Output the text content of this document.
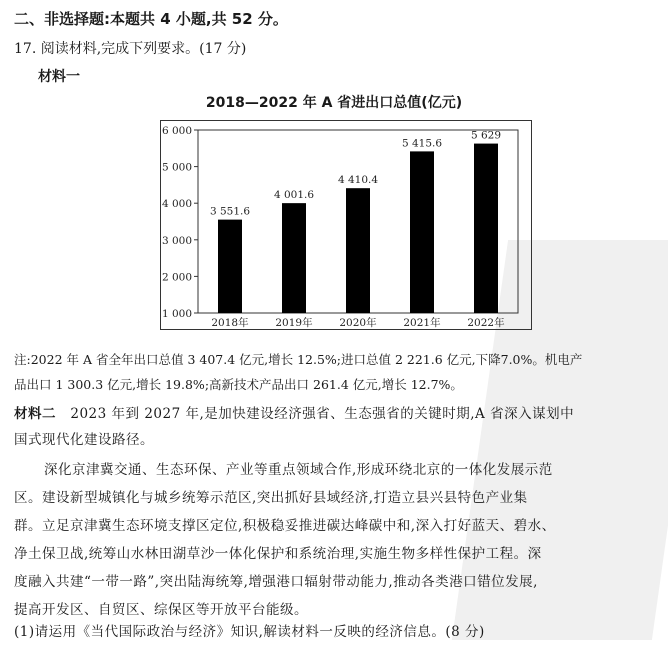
二、非选择题:本题共 4 小题,共 52 分。
17. 阅读材料,完成下列要求。(17 分)
材料一
2018—2022 年 A 省进出口总值(亿元)
1 000
2 000
3 000
4 000
5 000
6 000
3 551.6
2018年
4 001.6
2019年
4 410.4
2020年
5 415.6
2021年
5 629
2022年
注:2022 年 A 省全年出口总值 3 407.4 亿元,增长 12.5%;进口总值 2 221.6 亿元,下降7.0%。机电产
品出口 1 300.3 亿元,增长 19.8%;高新技术产品出口 261.4 亿元,增长 12.7%。
材料二 2023 年到 2027 年,是加快建设经济强省、生态强省的关键时期,A 省深入谋划中
国式现代化建设路径。
深化京津冀交通、生态环保、产业等重点领域合作,形成环绕北京的一体化发展示范
区。建设新型城镇化与城乡统筹示范区,突出抓好县域经济,打造立县兴县特色产业集
群。立足京津冀生态环境支撑区定位,积极稳妥推进碳达峰碳中和,深入打好蓝天、碧水、
净土保卫战,统筹山水林田湖草沙一体化保护和系统治理,实施生物多样性保护工程。深
度融入共建“一带一路”,突出陆海统筹,增强港口辐射带动能力,推动各类港口错位发展,
提高开发区、自贸区、综保区等开放平台能级。
(1)请运用《当代国际政治与经济》知识,解读材料一反映的经济信息。(8 分)
